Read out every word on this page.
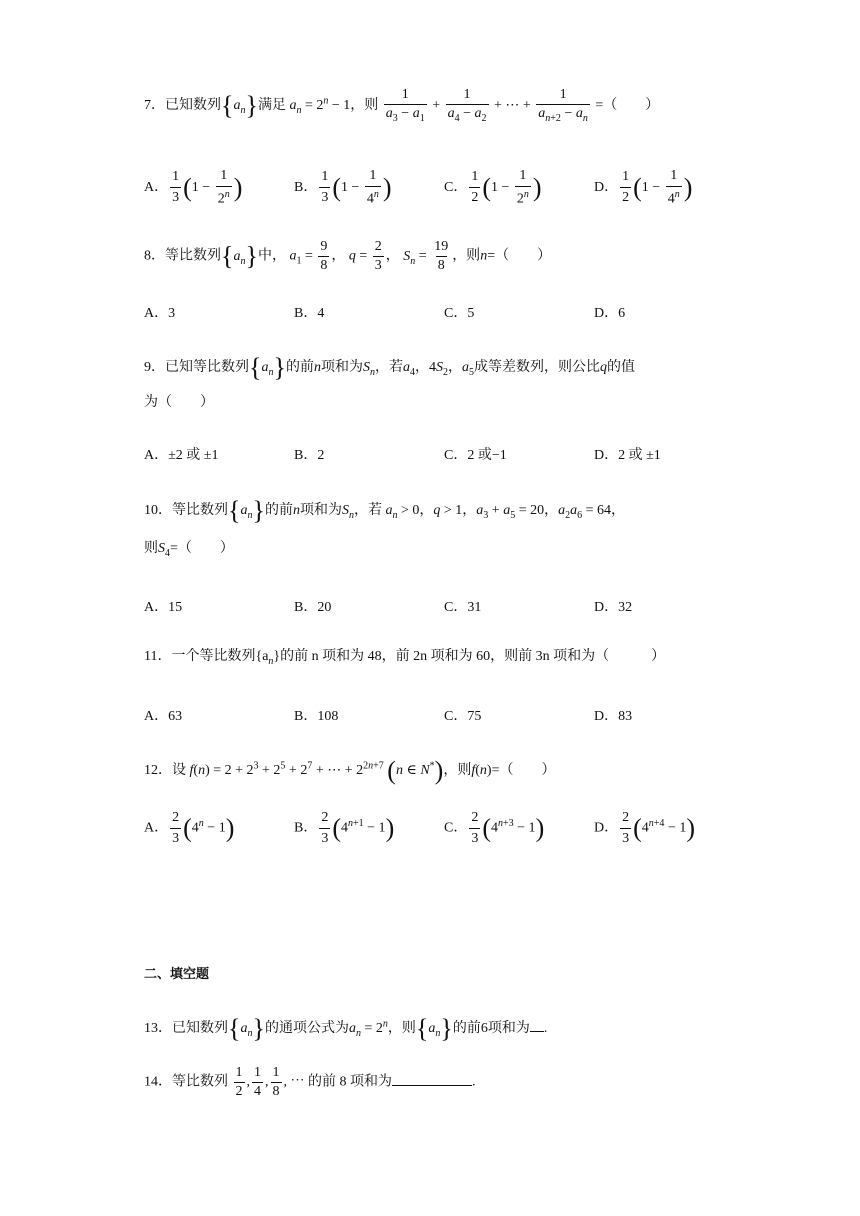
7．已知数列$\{a_n\}$满足 $a_n = 2^n - 1$，则 $\frac{1}{a_3 - a_1} + \frac{1}{a_4 - a_2}$ + ⋯ + $\frac{1}{a_{n+2} - a_n}$ =（　　）
A． $\frac{1}{3} (1 - \frac{1}{2^n}$ )	B． $\frac{1}{3} (1 - \frac{1}{4^n}$ )	C． $\frac{1}{2} (1 - \frac{1}{2^n}$ )	D． $\frac{1}{2} (1 - \frac{1}{4^n}$ )
8．等比数列$\{a_n\}$中， $a_1 = \frac{9}{8}$ ， $q = \frac{2}{3}$ ， $S_n = \frac{19}{8}$ ，则n=（　　）
A．3	B．4	C．5	D．6
9．已知等比数列$\{a_n\}$的前n项和为$S_n$，若$a_4$，$4S_2$，$a_5$成等差数列，则公比q的值
为（　　）
A．±2 或 ±1	B．2	C．2 或−1	D．2 或 ±1
10．等比数列$\{a_n\}$的前n项和为$S_n$，若 $a_n > 0$，q > 1，$a_3 + a_5 = 20$，$a_2a_6 = 64$，
则$S_4=$（　　）
A．15	B．20	C．31	D．32
11．一个等比数列$\{a_n\}$的前 n 项和为 48，前 2n 项和为 60，则前 3n 项和为（　　　）
A．63	B．108	C．75	D．83
12．设 $f(n) = 2 + 2^3 + 2^5 + 2^7$ + ⋯ + $2^{2n+7}$ (n ∈ N*)，则f(n)=（　　）
A． $\frac{2}{3} (4^n - 1)$	B． $\frac{2}{3} (4^{n+1} - 1)$	C． $\frac{2}{3} (4^{n+3} - 1)$	D． $\frac{2}{3} (4^{n+4} - 1)$
二、填空题
13．已知数列$\{a_n\}$的通项公式为$a_n = 2^n$，则$\{a_n\}$的前6项和为 .
14．等比数列 $\frac{1}{2}$ , $\frac{1}{4}$ , $\frac{1}{8}$ , ⋯ 的前 8 项和为	.
